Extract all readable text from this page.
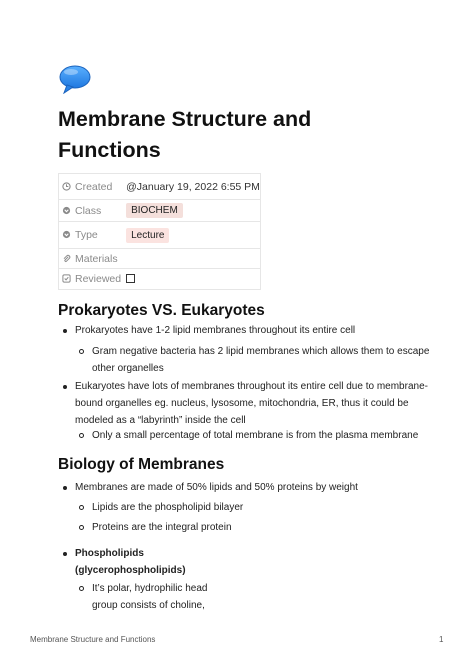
Membrane Structure and
Functions
Created	@January 19, 2022 6:55 PM
Class	BIOCHEM
Type	Lecture
Materials	
Reviewed	
Prokaryotes VS. Eukaryotes
Prokaryotes have 1-2 lipid membranes throughout its entire cell
Gram negative bacteria has 2 lipid membranes which allows them to escape
other organelles
Eukaryotes have lots of membranes throughout its entire cell due to membrane-
bound organelles eg. nucleus, lysosome, mitochondria, ER, thus it could be
modeled as a “labyrinth” inside the cell
Only a small percentage of total membrane is from the plasma membrane
Biology of Membranes
Membranes are made of 50% lipids and 50% proteins by weight
Lipids are the phospholipid bilayer
Proteins are the integral protein
Phospholipids
(glycerophospholipids)
It’s polar, hydrophilic head
group consists of choline,
Membrane Structure and Functions	1
